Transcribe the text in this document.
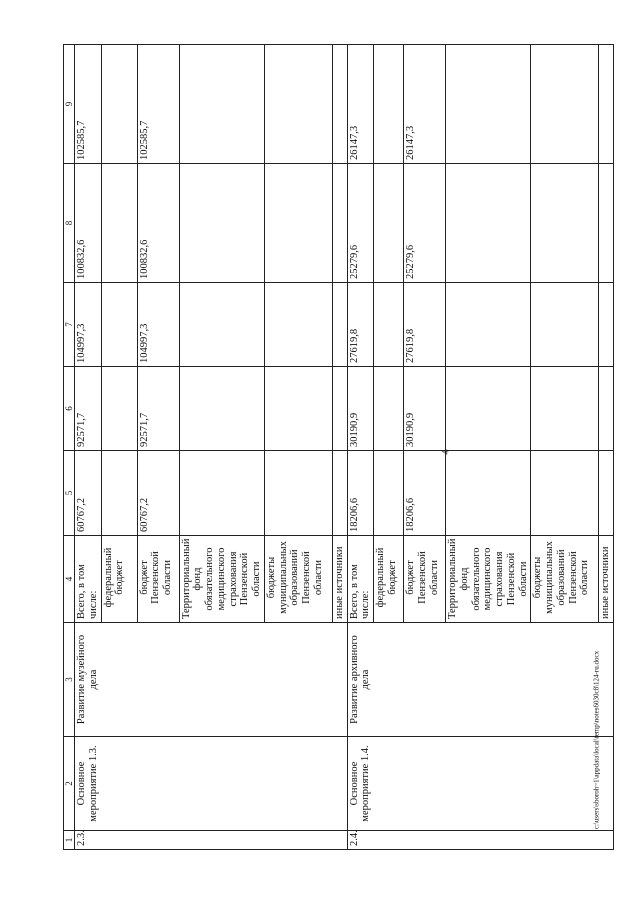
4
1	2	3	4	5	6	7	8	9
2.3.	Основное мероприятие 1.3.	Развитие музейного дела	Всего, в том числе:	60767,2	92571,7	104997,3	100832,6	102585,7
			федеральный бюджет					
			бюджет Пензенской области	60767,2	92571,7	104997,3	100832,6	102585,7
			Территориальный фонд обязательного медицинского страхования Пензенской области					
			бюджеты муниципальных образований Пензенской области					
			иные источники					
2.4.	Основное мероприятие 1.4.	Развитие архивного дела	Всего, в том числе:	18206,6	30190,9	27619,8	25279,6	26147,3
			федеральный бюджет					
			бюджет Пензенской области	18206,6	30190,9	27619,8	25279,6	26147,3
			Территориальный фонд обязательного медицинского страхования Пензенской области					
			бюджеты муниципальных образований Пензенской области					
			иные источники					
c:\users\sboroh~1\appdata\local\temp\notes6030c8\124-ru.docx
